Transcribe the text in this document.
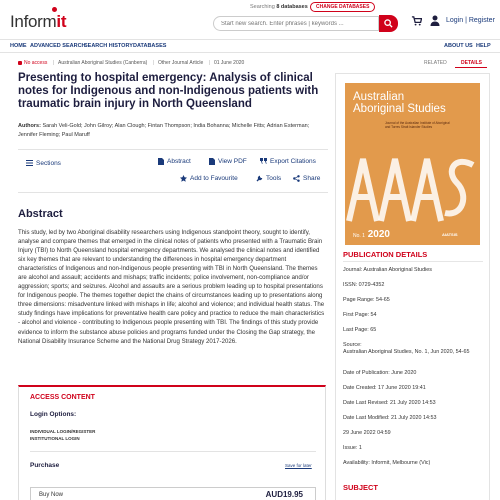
Informit
Searching 8 databases	CHANGE DATABASES
Start new search. Enter phrases | keywords ...
Login | Register
HOME ADVANCED SEARCH
SEARCH HISTORY DATABASES	ABOUT US HELP
No access | Australian Aboriginal Studies (Canberra) | Other Journal Article | 01 June 2020	RELATED	DETAILS
Presenting to hospital emergency: Analysis of clinical notes for Indigenous and non-Indigenous patients with traumatic brain injury in North Queensland
Authors: Sarah Veli-Gold; John Gilroy; Alan Clough; Fintan Thompson; India Bohanna; Michelle Fitts; Adrian Esterman; Jennifer Fleming; Paul Maruff
Sections	Abstract	View PDF	Export Citations
Add to Favourite	Tools	Share
Abstract
This study, led by two Aboriginal disability researchers using Indigenous standpoint theory, sought to identify, analyse and compare themes that emerged in the clinical notes of patients who presented with a Traumatic Brain Injury (TBI) to North Queensland hospital emergency departments. We analysed the clinical notes and identified six key themes that are relevant to understanding the differences in hospital emergency department characteristics of Indigenous and non-Indigenous people presenting with TBI in North Queensland. The themes are alcohol and assault; accidents and mishaps; traffic incidents; police involvement, non-compliance and/or aggression; sports; and seizures. Alcohol and assaults are a serious problem leading up to hospital presentations for Indigenous people. The themes together depict the chains of circumstances leading up to presentations along three dimensions: misadventure linked with mishaps in life; alcohol and violence; and individual health status. The study findings have implications for preventative health care policy and practice to reduce the main characteristics - alcohol and violence - contributing to Indigenous people presenting with TBI. The findings of this study provide evidence to inform the substance abuse policies and programs funded under the Closing the Gap strategy, the National Disability Insurance Scheme and the National Drug Strategy 2017-2026.
ACCESS CONTENT
Login Options:
INDIVIDUAL LOGIN/REGISTER
INSTITUTIONAL LOGIN
Purchase	Save for later
Buy Now	AUD19.95
Australian
Aboriginal Studies
Journal of the Australian Institute of Aboriginal and Torres Strait Islander Studies
No. 1 2020	AIATSIS
PUBLICATION DETAILS
Journal: Australian Aboriginal Studies
ISSN: 0729-4352
Page Range: 54-65
First Page: 54
Last Page: 65
Source:
Australian Aboriginal Studies, No. 1, Jun 2020, 54-65
Date of Publication: June 2020
Date Created: 17 June 2020 19:41
Date Last Revised: 21 July 2020 14:53
Date Last Modified: 21 July 2020 14:53
29 June 2022 04:59
Issue: 1
Availability: Informit, Melbourne (Vic)
SUBJECT
